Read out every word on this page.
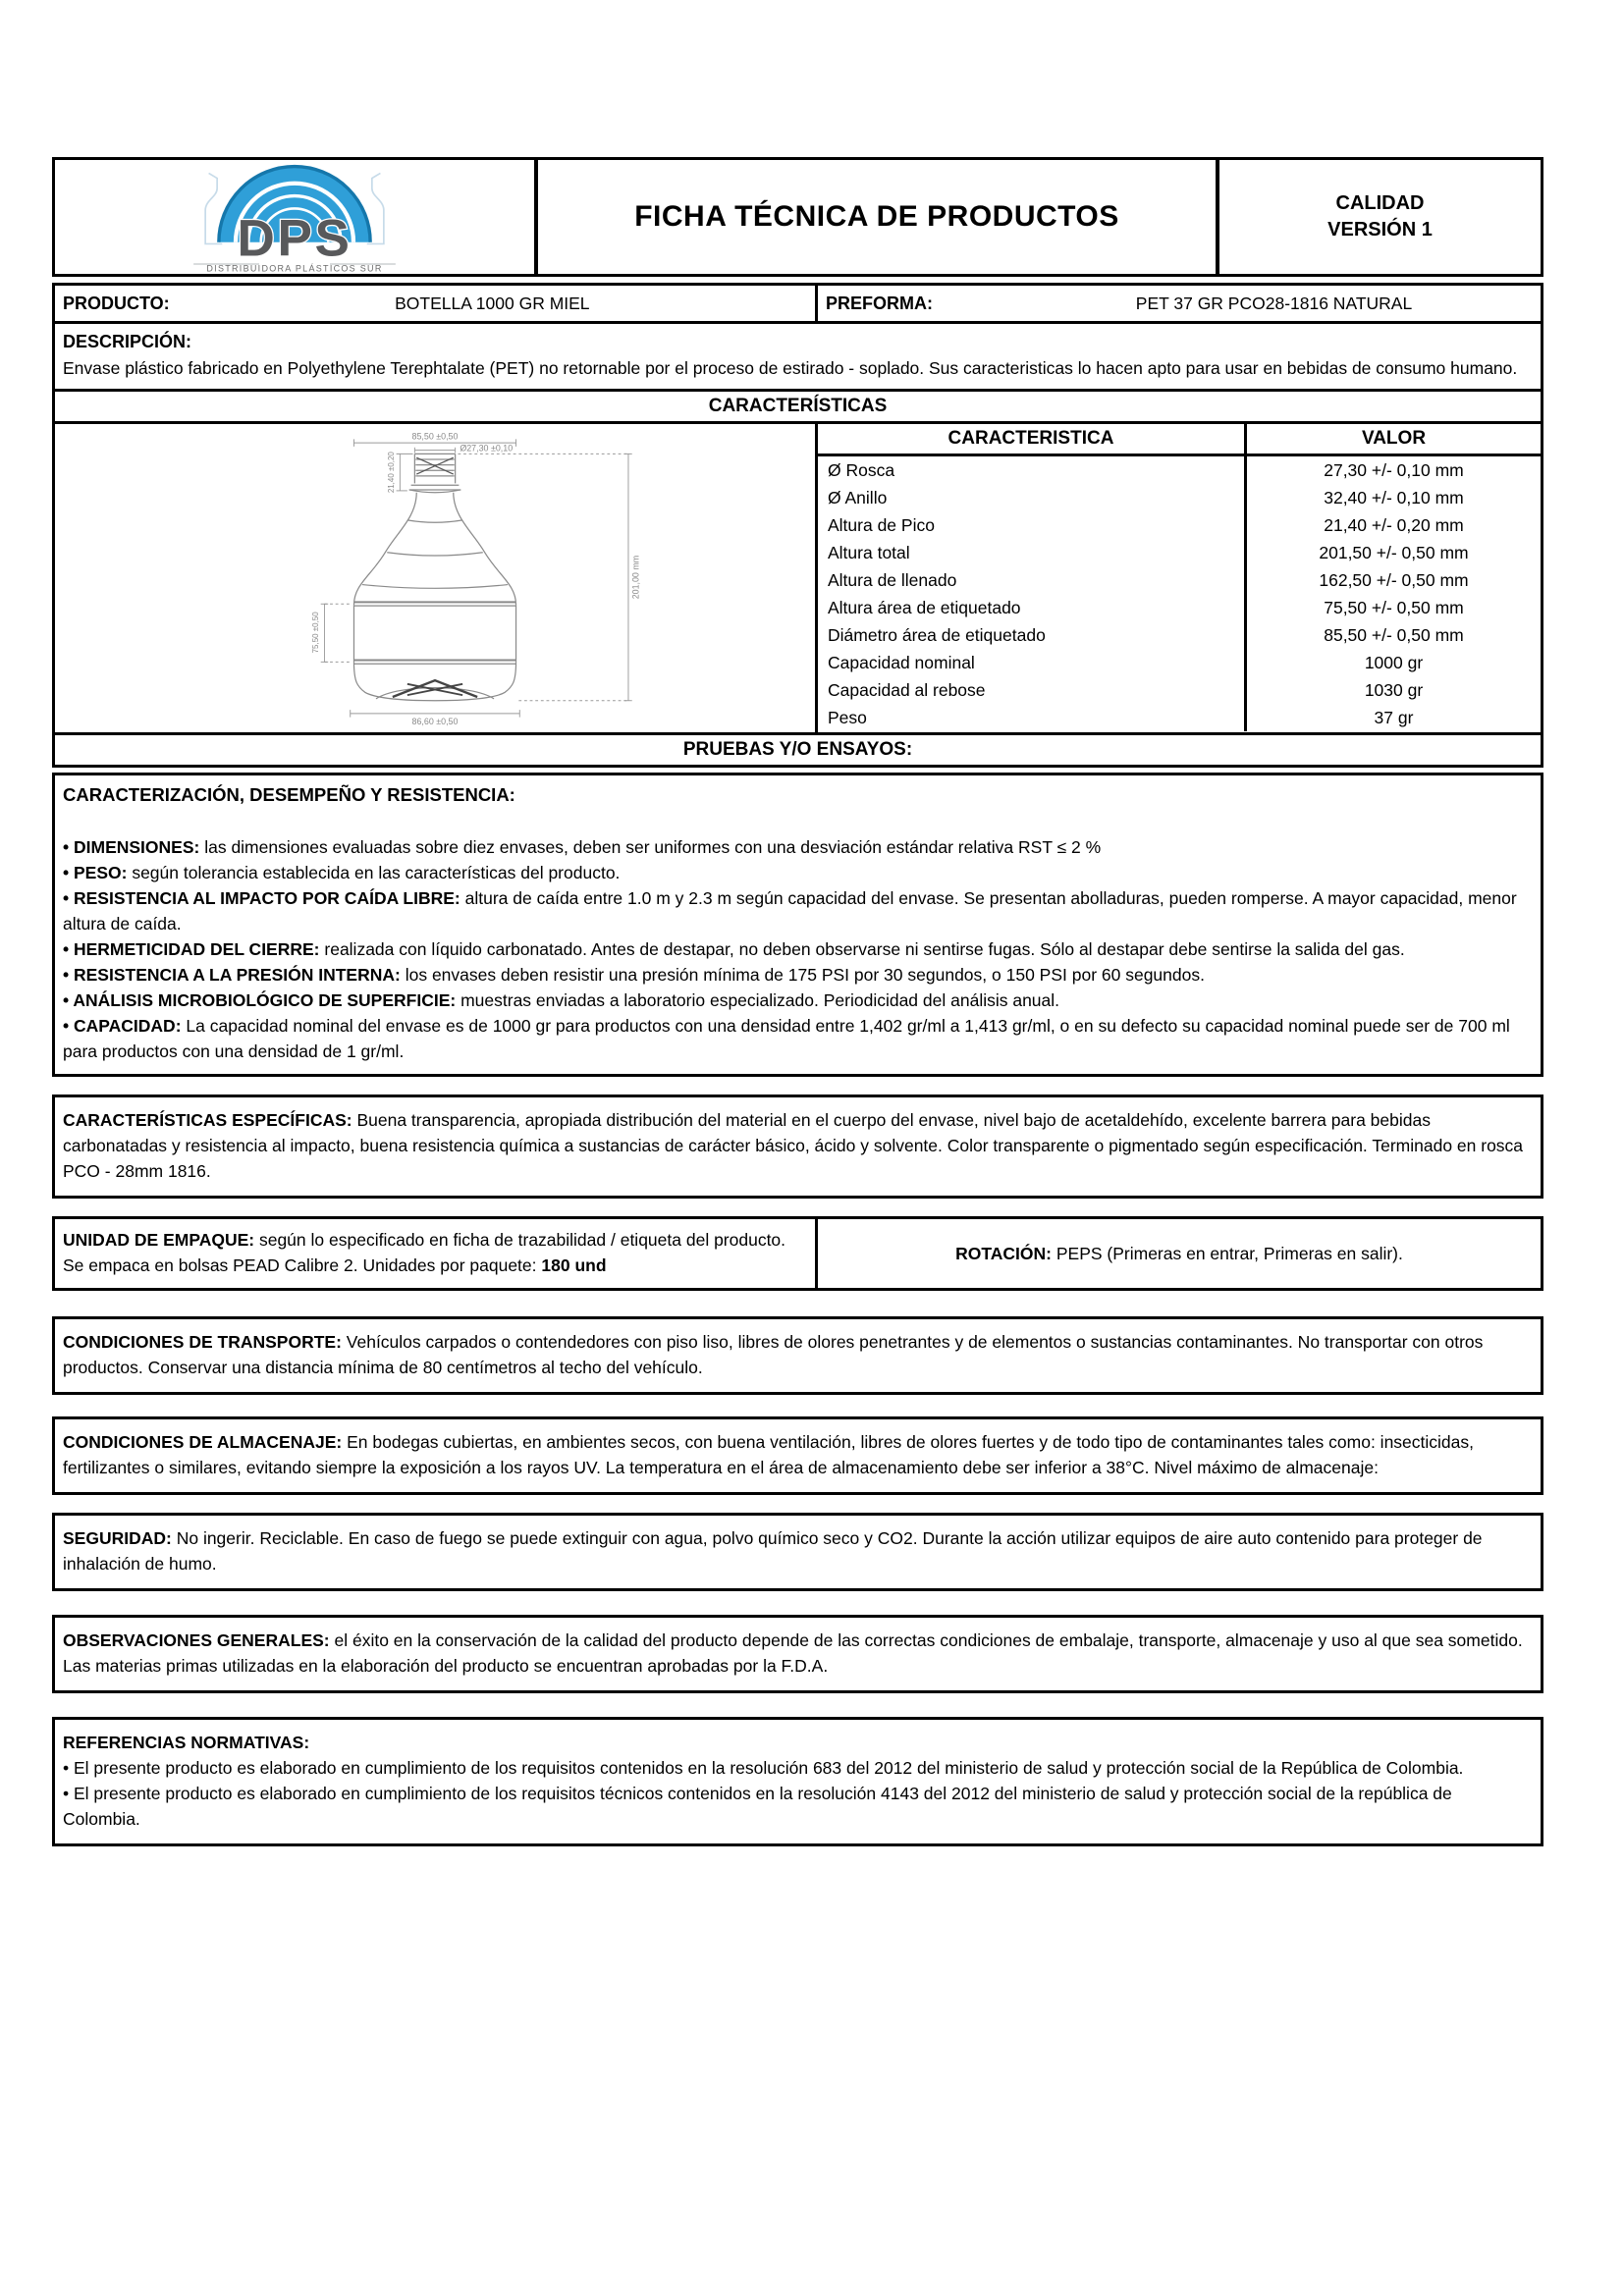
DPS
DISTRIBUIDORA PLÁSTICOS SUR
FICHA TÉCNICA DE PRODUCTOS	CALIDAD
VERSIÓN 1
PRODUCTO:	BOTELLA 1000 GR MIEL	PREFORMA:	PET 37 GR PCO28-1816 NATURAL
DESCRIPCIÓN:
Envase plástico fabricado en Polyethylene Terephtalate (PET) no retornable por el proceso de estirado - soplado. Sus caracteristicas lo hacen apto para usar en bebidas de consumo humano.
CARACTERÍSTICAS
85,50 ±0,50
Ø27,30 ±0,10
21,40 ±0,20
201,00 mm
75,50 ±0,50
86,60 ±0,50
CARACTERISTICA	VALOR
Ø Rosca	27,30 +/- 0,10 mm
Ø Anillo	32,40 +/- 0,10 mm
Altura de Pico	21,40 +/- 0,20 mm
Altura total	201,50 +/- 0,50 mm
Altura de llenado	162,50 +/- 0,50 mm
Altura área de etiquetado	75,50 +/- 0,50 mm
Diámetro área de etiquetado	85,50 +/- 0,50 mm
Capacidad nominal	1000 gr
Capacidad al rebose	1030 gr
Peso	37 gr
PRUEBAS Y/O ENSAYOS:
CARACTERIZACIÓN, DESEMPEÑO Y RESISTENCIA:

• DIMENSIONES: las dimensiones evaluadas sobre diez envases, deben ser uniformes con una desviación estándar relativa RST ≤ 2 %

• PESO: según tolerancia establecida en las características del producto.

• RESISTENCIA AL IMPACTO POR CAÍDA LIBRE: altura de caída entre 1.0 m y 2.3 m según capacidad del envase. Se presentan abolladuras, pueden romperse. A mayor capacidad, menor altura de caída.

• HERMETICIDAD DEL CIERRE: realizada con líquido carbonatado. Antes de destapar, no deben observarse ni sentirse fugas. Sólo al destapar debe sentirse la salida del gas.

• RESISTENCIA A LA PRESIÓN INTERNA: los envases deben resistir una presión mínima de 175 PSI por 30 segundos, o 150 PSI por 60 segundos.

• ANÁLISIS MICROBIOLÓGICO DE SUPERFICIE: muestras enviadas a laboratorio especializado. Periodicidad del análisis anual.

• CAPACIDAD: La capacidad nominal del envase es de 1000 gr para productos con una densidad entre 1,402 gr/ml a 1,413 gr/ml, o en su defecto su capacidad nominal puede ser de 700 ml para productos con una densidad de 1 gr/ml.

CARACTERÍSTICAS ESPECÍFICAS: Buena transparencia, apropiada distribución del material en el cuerpo del envase, nivel bajo de acetaldehído, excelente barrera para bebidas carbonatadas y resistencia al impacto, buena resistencia química a sustancias de carácter básico, ácido y solvente. Color transparente o pigmentado según especificación. Terminado en rosca PCO - 28mm 1816.
UNIDAD DE EMPAQUE: según lo especificado en ficha de trazabilidad / etiqueta del producto. Se empaca en bolsas PEAD Calibre 2. Unidades por paquete: 180 und
ROTACIÓN: PEPS (Primeras en entrar, Primeras en salir).
CONDICIONES DE TRANSPORTE: Vehículos carpados o contendedores con piso liso, libres de olores penetrantes y de elementos o sustancias contaminantes. No transportar con otros productos. Conservar una distancia mínima de 80 centímetros al techo del vehículo.
CONDICIONES DE ALMACENAJE: En bodegas cubiertas, en ambientes secos, con buena ventilación, libres de olores fuertes y de todo tipo de contaminantes tales como: insecticidas, fertilizantes o similares, evitando siempre la exposición a los rayos UV. La temperatura en el área de almacenamiento debe ser inferior a 38°C. Nivel máximo de almacenaje:
SEGURIDAD: No ingerir. Reciclable. En caso de fuego se puede extinguir con agua, polvo químico seco y CO2. Durante la acción utilizar equipos de aire auto contenido para proteger de inhalación de humo.
OBSERVACIONES GENERALES: el éxito en la conservación de la calidad del producto depende de las correctas condiciones de embalaje, transporte, almacenaje y uso al que sea sometido. Las materias primas utilizadas en la elaboración del producto se encuentran aprobadas por la F.D.A.

REFERENCIAS NORMATIVAS:

• El presente producto es elaborado en cumplimiento de los requisitos contenidos en la resolución 683 del 2012 del ministerio de salud y protección social de la República de Colombia.

• El presente producto es elaborado en cumplimiento de los requisitos técnicos contenidos en la resolución 4143 del 2012 del ministerio de salud y protección social de la república de Colombia.
